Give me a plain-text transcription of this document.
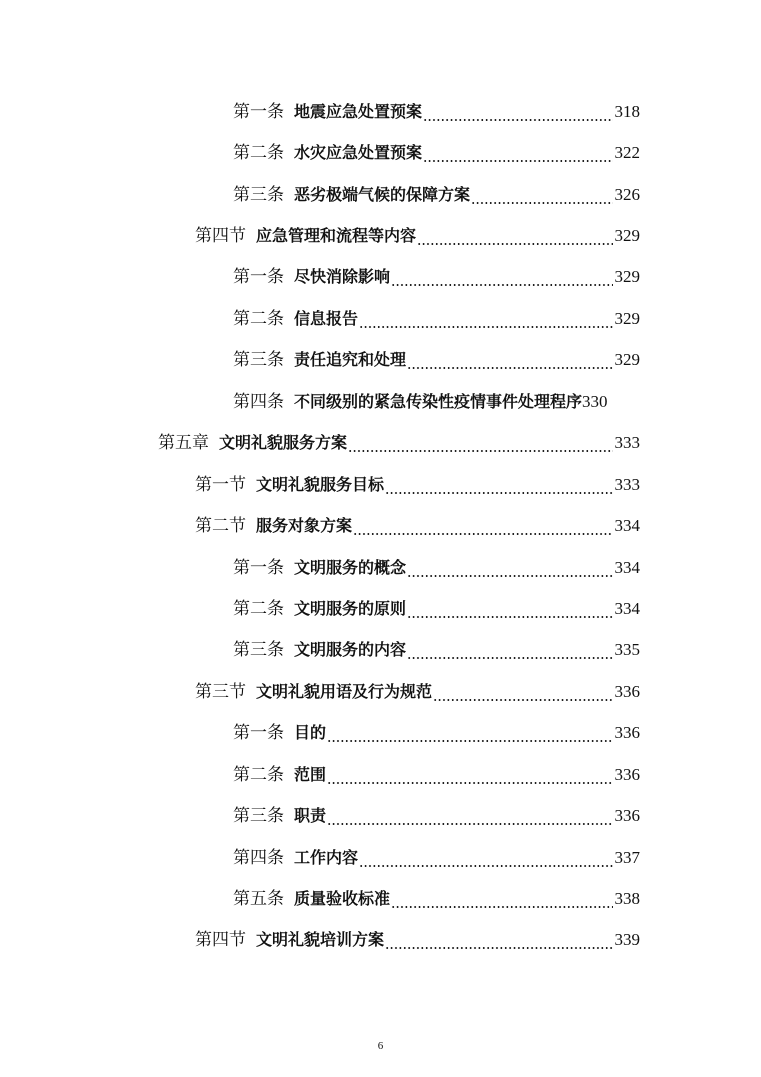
第一条 地震应急处置预案	318
第二条 水灾应急处置预案	322
第三条 恶劣极端气候的保障方案	326
第四节 应急管理和流程等内容	329
第一条 尽快消除影响	329
第二条 信息报告	329
第三条 责任追究和处理	329
第四条 不同级别的紧急传染性疫情事件处理程序 330
第五章 文明礼貌服务方案	333
第一节 文明礼貌服务目标	333
第二节 服务对象方案	334
第一条 文明服务的概念	334
第二条 文明服务的原则	334
第三条 文明服务的内容	335
第三节 文明礼貌用语及行为规范	336
第一条 目的	336
第二条 范围	336
第三条 职责	336
第四条 工作内容	337
第五条 质量验收标准	338
第四节 文明礼貌培训方案	339
6
